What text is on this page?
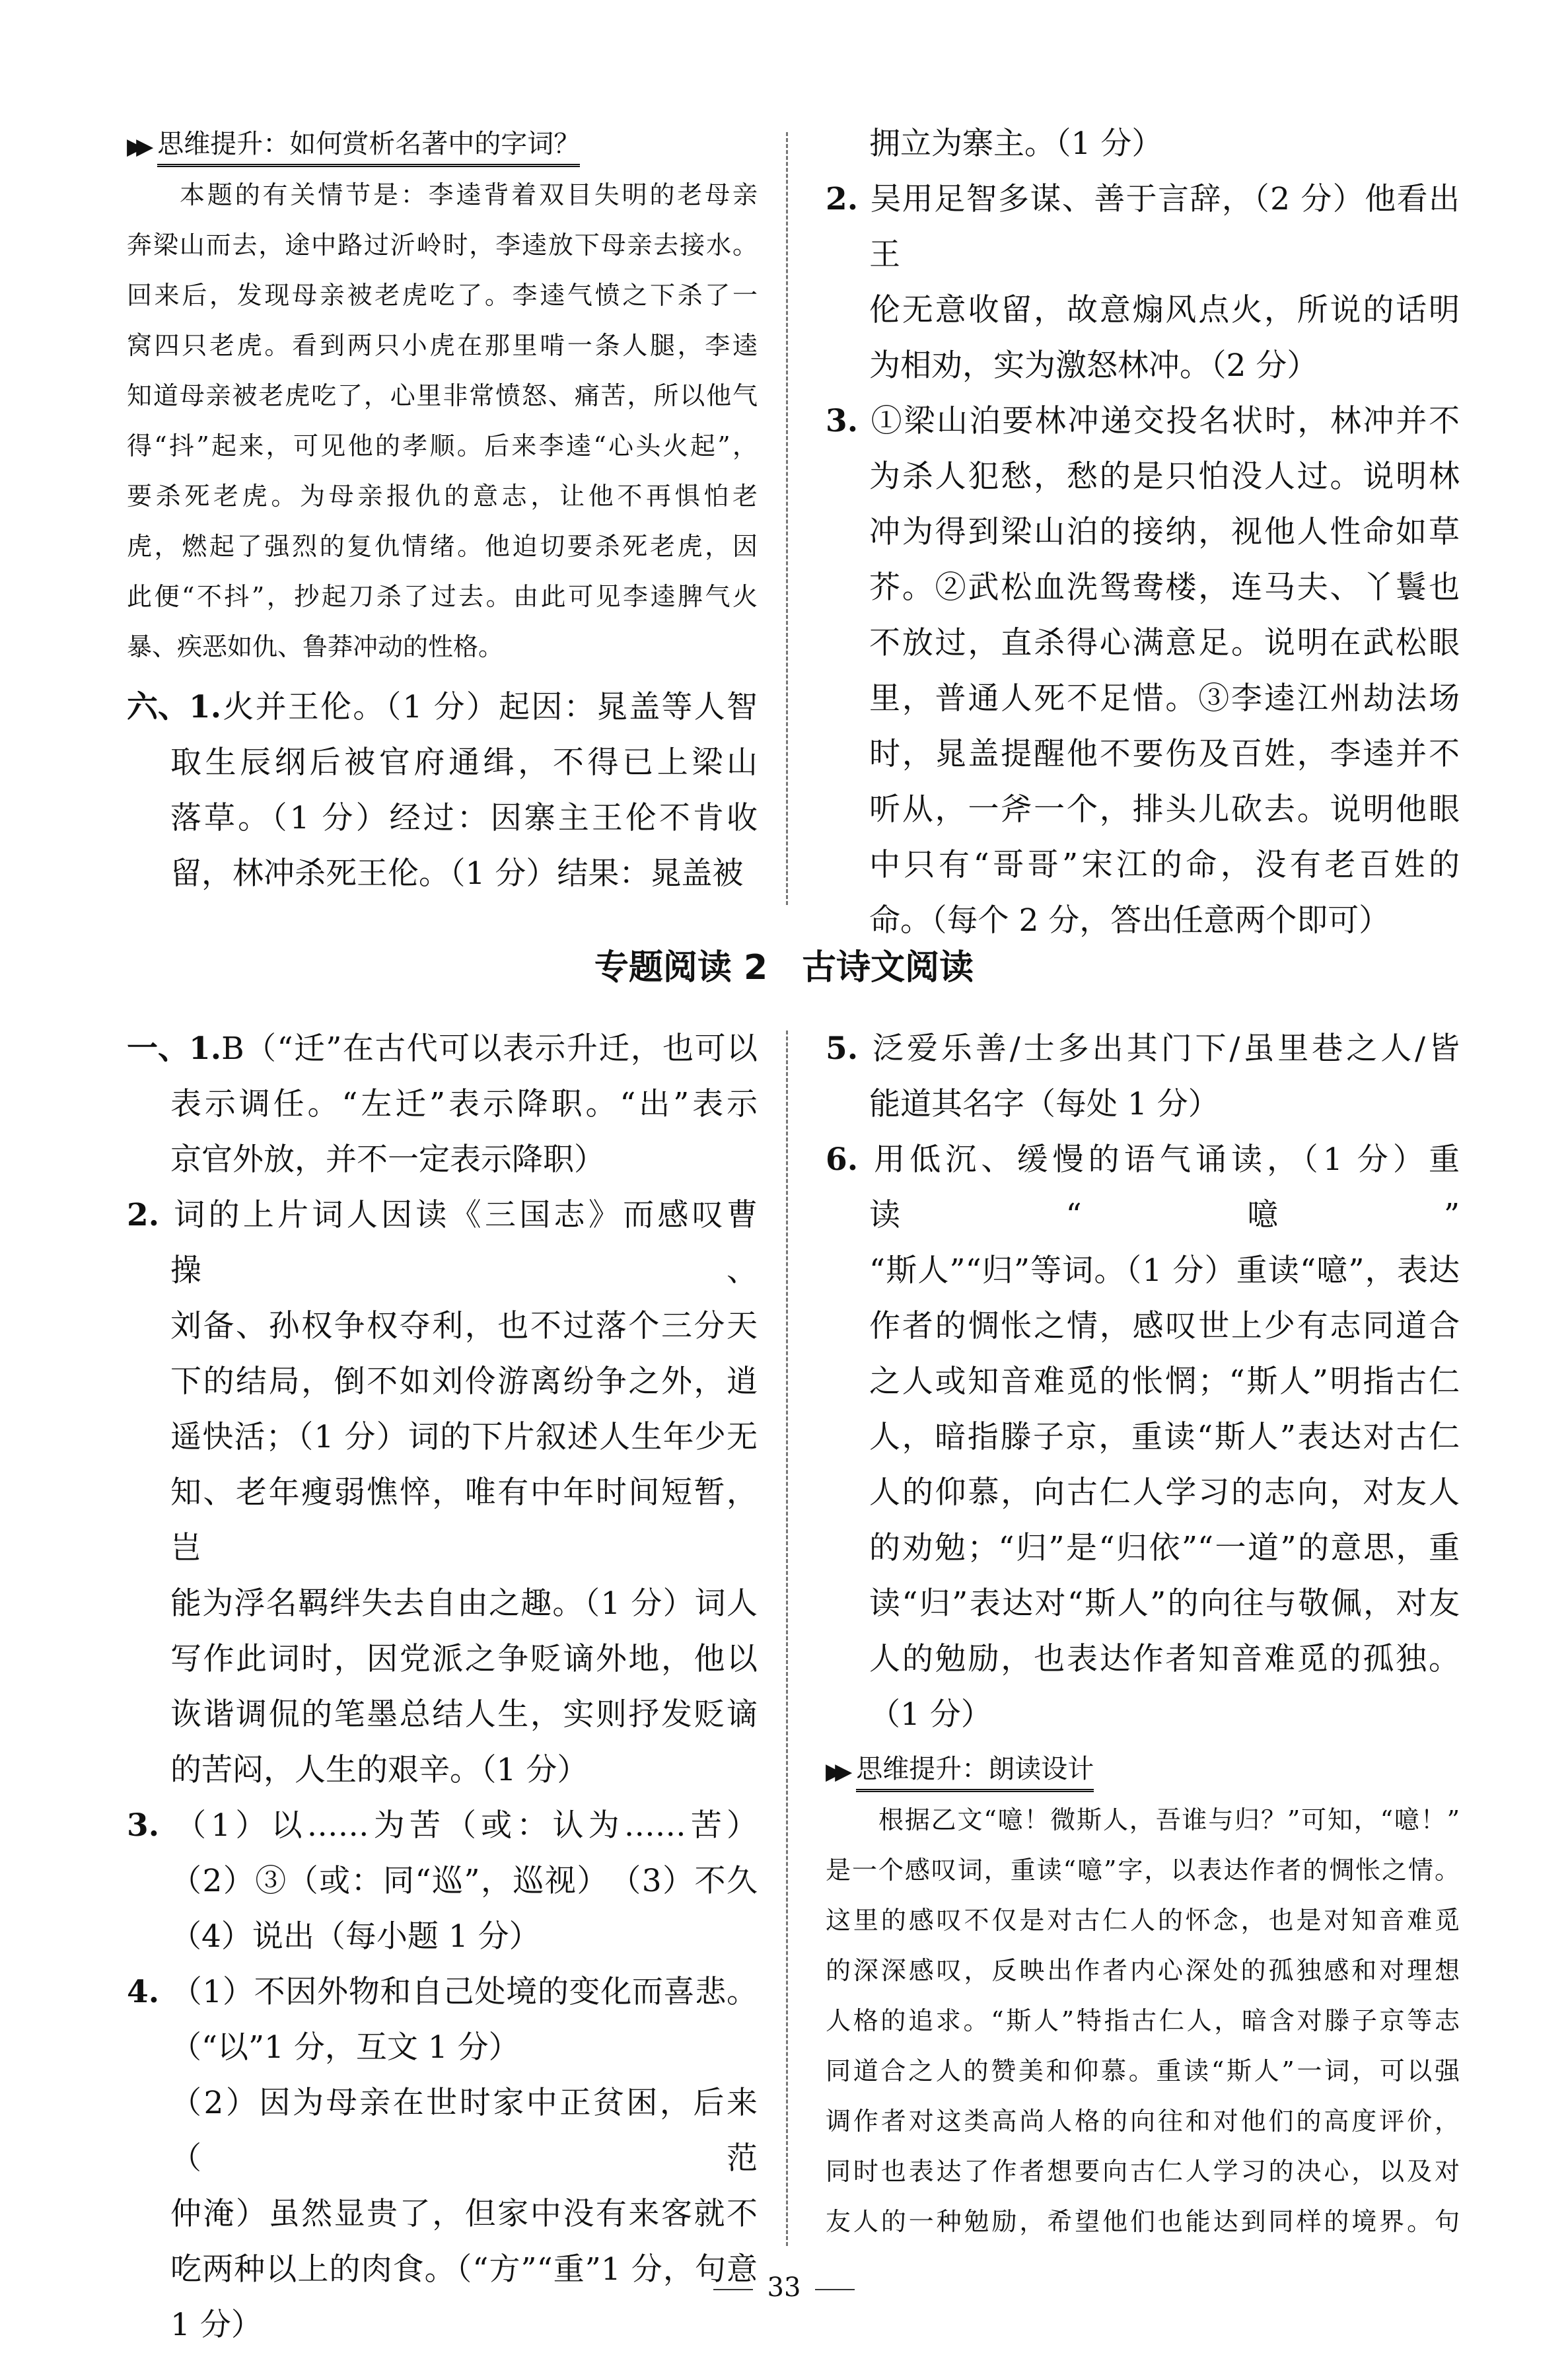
▶▶ 思维提升：如何赏析名著中的字词？
本题的有关情节是：李逵背着双目失明的老母亲
奔梁山而去，途中路过沂岭时，李逵放下母亲去接水。
回来后，发现母亲被老虎吃了。李逵气愤之下杀了一
窝四只老虎。看到两只小虎在那里啃一条人腿，李逵
知道母亲被老虎吃了，心里非常愤怒、痛苦，所以他气
得“抖”起来，可见他的孝顺。后来李逵“心头火起”，
要杀死老虎。为母亲报仇的意志，让他不再惧怕老
虎，燃起了强烈的复仇情绪。他迫切要杀死老虎，因
此便“不抖”，抄起刀杀了过去。由此可见李逵脾气火
暴、疾恶如仇、鲁莽冲动的性格。
六、1.火并王伦。（1 分）起因：晁盖等人智
取生辰纲后被官府通缉，不得已上梁山
落草。（1 分）经过：因寨主王伦不肯收
留，林冲杀死王伦。（1 分）结果：晁盖被
拥立为寨主。（1 分）
2. 吴用足智多谋、善于言辞，（2 分）他看出王
伦无意收留，故意煽风点火，所说的话明
为相劝，实为激怒林冲。（2 分）
3. ①梁山泊要林冲递交投名状时，林冲并不
为杀人犯愁，愁的是只怕没人过。说明林
冲为得到梁山泊的接纳，视他人性命如草
芥。②武松血洗鸳鸯楼，连马夫、丫鬟也
不放过，直杀得心满意足。说明在武松眼
里，普通人死不足惜。③李逵江州劫法场
时，晁盖提醒他不要伤及百姓，李逵并不
听从，一斧一个，排头儿砍去。说明他眼
中只有“哥哥”宋江的命，没有老百姓的
命。（每个 2 分，答出任意两个即可）
专题阅读 2　古诗文阅读
一、1.B（“迁”在古代可以表示升迁，也可以
表示调任。“左迁”表示降职。“出”表示
京官外放，并不一定表示降职）
2. 词的上片词人因读《三国志》而感叹曹操、
刘备、孙权争权夺利，也不过落个三分天
下的结局，倒不如刘伶游离纷争之外，逍
遥快活；（1 分）词的下片叙述人生年少无
知、老年瘦弱憔悴，唯有中年时间短暂，岂
能为浮名羁绊失去自由之趣。（1 分）词人
写作此词时，因党派之争贬谪外地，他以
诙谐调侃的笔墨总结人生，实则抒发贬谪
的苦闷，人生的艰辛。（1 分）
3. （1）以……为苦（或：认为……苦）
（2）③（或：同“巡”，巡视）　（3）不久
（4）说出（每小题 1 分）
4. （1）不因外物和自己处境的变化而喜悲。
（“以”1 分，互文 1 分）
（2）因为母亲在世时家中正贫困，后来（范
仲淹）虽然显贵了，但家中没有来客就不
吃两种以上的肉食。（“方”“重”1 分，句意
1 分）
5. 泛爱乐善/士多出其门下/虽里巷之人/皆
能道其名字（每处 1 分）
6. 用低沉、缓慢的语气诵读，（1 分）重读“噫”
“斯人”“归”等词。（1 分）重读“噫”，表达
作者的惆怅之情，感叹世上少有志同道合
之人或知音难觅的怅惘；“斯人”明指古仁
人，暗指滕子京，重读“斯人”表达对古仁
人的仰慕，向古仁人学习的志向，对友人
的劝勉；“归”是“归依”“一道”的意思，重
读“归”表达对“斯人”的向往与敬佩，对友
人的勉励，也表达作者知音难觅的孤独。
（1 分）
▶▶ 思维提升：朗读设计
根据乙文“噫！微斯人，吾谁与归？”可知，“噫！”
是一个感叹词，重读“噫”字，以表达作者的惆怅之情。
这里的感叹不仅是对古仁人的怀念，也是对知音难觅
的深深感叹，反映出作者内心深处的孤独感和对理想
人格的追求。“斯人”特指古仁人，暗含对滕子京等志
同道合之人的赞美和仰慕。重读“斯人”一词，可以强
调作者对这类高尚人格的向往和对他们的高度评价，
同时也表达了作者想要向古仁人学习的决心，以及对
友人的一种勉励，希望他们也能达到同样的境界。句
33
